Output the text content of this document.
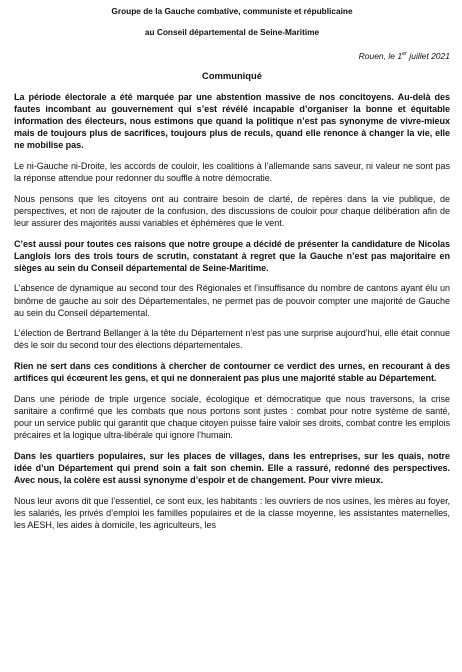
Groupe de la Gauche combative, communiste et républicaine

au Conseil départemental de Seine-Maritime

Rouen, le 1er juillet 2021

Communiqué

La période électorale a été marquée par une abstention massive de nos concitoyens. Au-delà des fautes incombant au gouvernement qui s’est révélé incapable d’organiser la bonne et équitable information des électeurs, nous estimons que quand la politique n’est pas synonyme de vivre-mieux mais de toujours plus de sacrifices, toujours plus de reculs, quand elle renonce à changer la vie, elle ne mobilise pas.

Le ni-Gauche ni-Droite, les accords de couloir, les coalitions à l’allemande sans saveur, ni valeur ne sont pas la réponse attendue pour redonner du souffle à notre démocratie.

Nous pensons que les citoyens ont au contraire besoin de clarté, de repères dans la vie publique, de perspectives, et non de rajouter de la confusion, des discussions de couloir pour chaque délibération afin de leur assurer des majorités aussi variables et éphémères que le vent.

C’est aussi pour toutes ces raisons que notre groupe a décidé de présenter la candidature de Nicolas Langlois lors des trois tours de scrutin, constatant à regret que la Gauche n’est pas majoritaire en sièges au sein du Conseil départemental de Seine-Maritime.

L’absence de dynamique au second tour des Régionales et l’insuffisance du nombre de cantons ayant élu un binôme de gauche au soir des Départementales, ne permet pas de pouvoir compter une majorité de Gauche au sein du Conseil départemental.

L’élection de Bertrand Bellanger à la tête du Département n’est pas une surprise aujourd’hui, elle était connue dès le soir du second tour des élections départementales.

Rien ne sert dans ces conditions à chercher de contourner ce verdict des urnes, en recourant à des artifices qui écœurent les gens, et qui ne donneraient pas plus une majorité stable au Département.

Dans une période de triple urgence sociale, écologique et démocratique que nous traversons, la crise sanitaire a confirmé que les combats que nous portons sont justes : combat pour notre système de santé, pour un service public qui garantit que chaque citoyen puisse faire valoir ses droits, combat contre les emplois précaires et la logique ultra-libérale qui ignore l’humain.

Dans les quartiers populaires, sur les places de villages, dans les entreprises, sur les quais, notre idée d’un Département qui prend soin a fait son chemin. Elle a rassuré, redonné des perspectives. Avec nous, la colère est aussi synonyme d’espoir et de changement. Pour vivre mieux.

Nous leur avons dit que l’essentiel, ce sont eux, les habitants : les ouvriers de nos usines, les mères au foyer, les salariés, les privés d’emploi les familles populaires et de la classe moyenne, les assistantes maternelles, les AESH, les aides à domicile, les agriculteurs, les
